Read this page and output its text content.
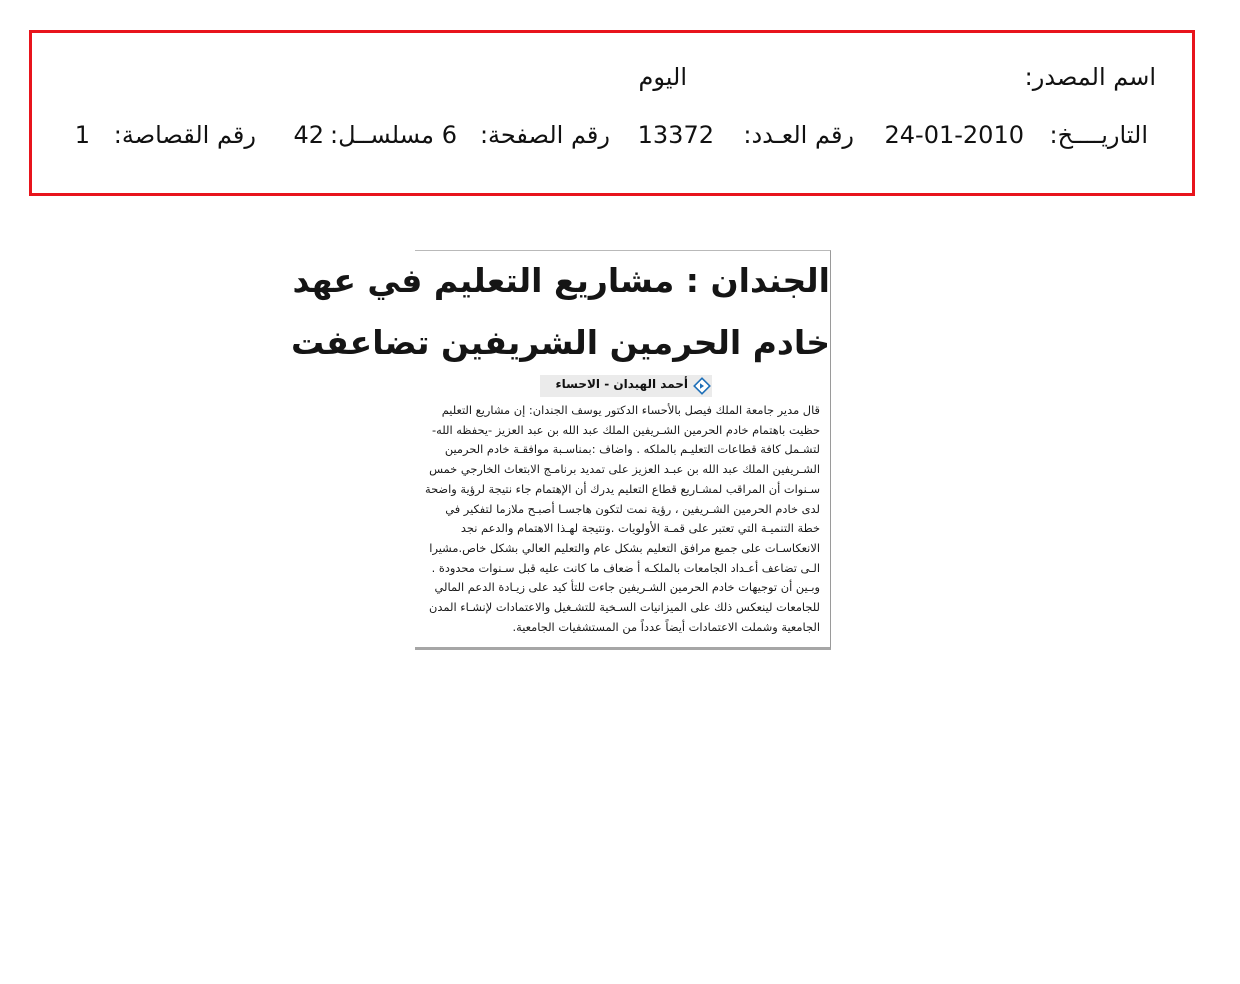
اسم المصدر:
اليوم
التاريــــخ:
24-01-2010
رقم العـدد:
13372
رقم الصفحة:
6
مسلســل:
42
رقم القصاصة:
1
الجندان : مشاريع التعليم في عهد
خادم الحرمين الشريفين تضاعفت
أحمد الهبدان - الاحساء
قال مدير جامعة الملك فيصل بالأحساء الدكتور يوسف الجندان: إن مشاريع التعليم
حظيت باهتمام خادم الحرمين الشـريفين الملك عبد الله بن عبد العزيز -يحفظه الله-
لتشـمل كافة قطاعات التعليـم بالملكه . واضاف :بمناسـبة موافقـة خادم الحرمين
الشـريفين الملك عبد الله بن عبـد العزيز على تمديد برنامـج الابتعاث الخارجي خمس
سـنوات أن المراقب لمشـاريع قطاع التعليم يدرك أن الإهتمام جاء نتيجة لرؤية واضحة
لدى خادم الحرمين الشـريفين ، رؤية نمت لتكون هاجسـا أصبـح ملازما لتفكير في
خطة التنميـة التي تعتبر على قمـة الأولويات .ونتيجة لهـذا الاهتمام والدعم نجد
الانعكاسـات على جميع مرافق التعليم بشكل عام والتعليم العالي بشكل خاص.مشيرا
الـى تضاعف أعـداد الجامعات بالملكـه أ ضعاف ما كانت عليه قبل سـنوات محدودة .
وبـين أن توجيهات خادم الحرمين الشـريفين جاءت للتأ كيد على زيـادة الدعم المالي
للجامعات لينعكس ذلك على الميزانيات السـخية للتشـغيل والاعتمادات لإنشـاء المدن
الجامعية وشملت الاعتمادات أيضاً عدداً من المستشفيات الجامعية.
